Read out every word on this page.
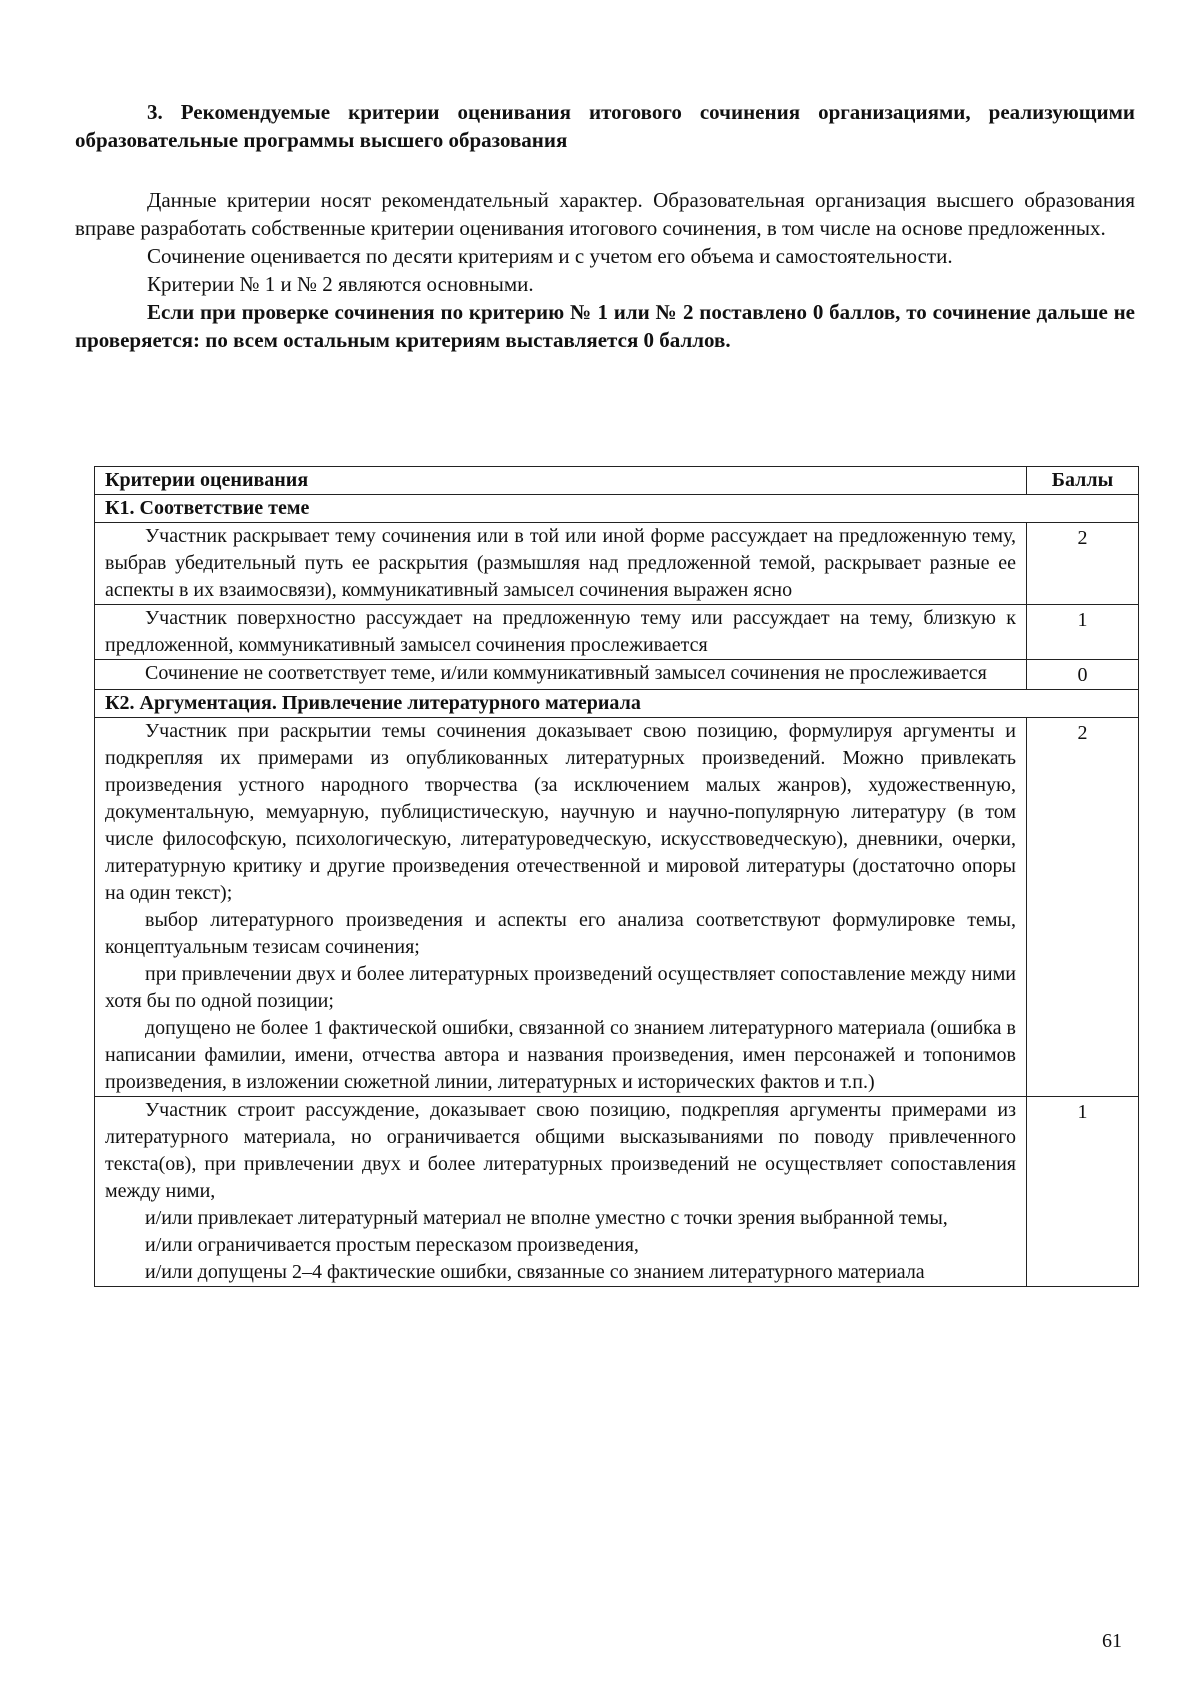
3. Рекомендуемые критерии оценивания итогового сочинения организациями, реализующими образовательные программы высшего образования

Данные критерии носят рекомендательный характер. Образовательная организация высшего образования вправе разработать собственные критерии оценивания итогового сочинения, в том числе на основе предложенных.

Сочинение оценивается по десяти критериям и с учетом его объема и самостоятельности.

Критерии № 1 и № 2 являются основными.

Если при проверке сочинения по критерию № 1 или № 2 поставлено 0 баллов, то сочинение дальше не проверяется: по всем остальным критериям выставляется 0 баллов.

Критерии оценивания	Баллы
К1. Соответствие теме	

Участник раскрывает тему сочинения или в той или иной форме рассуждает на предложенную тему, выбрав убедительный путь ее раскрытия (размышляя над предложенной темой, раскрывает разные ее аспекты в их взаимосвязи), коммуникативный замысел сочинения выражен ясно	2

Участник поверхностно рассуждает на предложенную тему или рассуждает на тему, близкую к предложенной, коммуникативный замысел сочинения прослеживается	1

Сочинение не соответствует теме, и/или коммуникативный замысел сочинения не прослеживается	0
К2. Аргументация. Привлечение литературного материала	

Участник при раскрытии темы сочинения доказывает свою позицию, формулируя аргументы и подкрепляя их примерами из опубликованных литературных произведений. Можно привлекать произведения устного народного творчества (за исключением малых жанров), художественную, документальную, мемуарную, публицистическую, научную и научно-популярную литературу (в том числе философскую, психологическую, литературоведческую, искусствоведческую), дневники, очерки, литературную критику и другие произведения отечественной и мировой литературы (достаточно опоры на один текст);

выбор литературного произведения и аспекты его анализа соответствуют формулировке темы, концептуальным тезисам сочинения;

при привлечении двух и более литературных произведений осуществляет сопоставление между ними хотя бы по одной позиции;

допущено не более 1 фактической ошибки, связанной со знанием литературного материала (ошибка в написании фамилии, имени, отчества автора и названия произведения, имен персонажей и топонимов произведения, в изложении сюжетной линии, литературных и исторических фактов и т.п.)	2

Участник строит рассуждение, доказывает свою позицию, подкрепляя аргументы примерами из литературного материала, но ограничивается общими высказываниями по поводу привлеченного текста(ов), при привлечении двух и более литературных произведений не осуществляет сопоставления между ними,

и/или привлекает литературный материал не вполне уместно с точки зрения выбранной темы,

и/или ограничивается простым пересказом произведения,

и/или допущены 2–4 фактические ошибки, связанные со знанием литературного материала	1
61
